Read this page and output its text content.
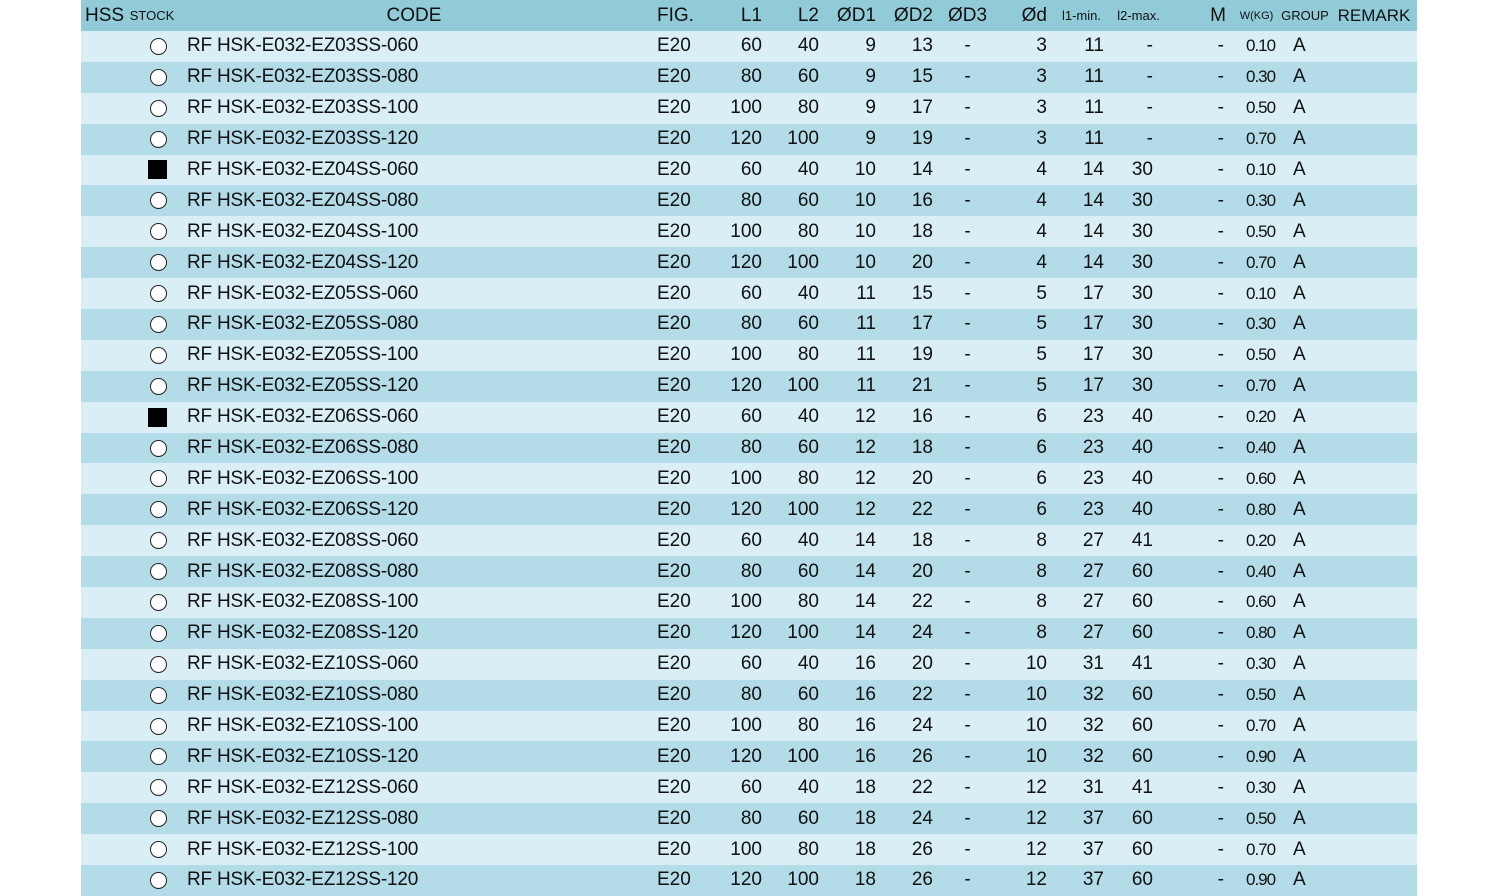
HSS	STOCK	CODE	FIG.	L1	L2	ØD1	ØD2	ØD3	Ød	l1-min.	l2-max.	M	W(KG)	GROUP	REMARK
		RF HSK-E032-EZ03SS-060	E20	60	40	9	13	-	3	11	-	-	0.10	A	
		RF HSK-E032-EZ03SS-080	E20	80	60	9	15	-	3	11	-	-	0.30	A	
		RF HSK-E032-EZ03SS-100	E20	100	80	9	17	-	3	11	-	-	0.50	A	
		RF HSK-E032-EZ03SS-120	E20	120	100	9	19	-	3	11	-	-	0.70	A	
		RF HSK-E032-EZ04SS-060	E20	60	40	10	14	-	4	14	30	-	0.10	A	
		RF HSK-E032-EZ04SS-080	E20	80	60	10	16	-	4	14	30	-	0.30	A	
		RF HSK-E032-EZ04SS-100	E20	100	80	10	18	-	4	14	30	-	0.50	A	
		RF HSK-E032-EZ04SS-120	E20	120	100	10	20	-	4	14	30	-	0.70	A	
		RF HSK-E032-EZ05SS-060	E20	60	40	11	15	-	5	17	30	-	0.10	A	
		RF HSK-E032-EZ05SS-080	E20	80	60	11	17	-	5	17	30	-	0.30	A	
		RF HSK-E032-EZ05SS-100	E20	100	80	11	19	-	5	17	30	-	0.50	A	
		RF HSK-E032-EZ05SS-120	E20	120	100	11	21	-	5	17	30	-	0.70	A	
		RF HSK-E032-EZ06SS-060	E20	60	40	12	16	-	6	23	40	-	0.20	A	
		RF HSK-E032-EZ06SS-080	E20	80	60	12	18	-	6	23	40	-	0.40	A	
		RF HSK-E032-EZ06SS-100	E20	100	80	12	20	-	6	23	40	-	0.60	A	
		RF HSK-E032-EZ06SS-120	E20	120	100	12	22	-	6	23	40	-	0.80	A	
		RF HSK-E032-EZ08SS-060	E20	60	40	14	18	-	8	27	41	-	0.20	A	
		RF HSK-E032-EZ08SS-080	E20	80	60	14	20	-	8	27	60	-	0.40	A	
		RF HSK-E032-EZ08SS-100	E20	100	80	14	22	-	8	27	60	-	0.60	A	
		RF HSK-E032-EZ08SS-120	E20	120	100	14	24	-	8	27	60	-	0.80	A	
		RF HSK-E032-EZ10SS-060	E20	60	40	16	20	-	10	31	41	-	0.30	A	
		RF HSK-E032-EZ10SS-080	E20	80	60	16	22	-	10	32	60	-	0.50	A	
		RF HSK-E032-EZ10SS-100	E20	100	80	16	24	-	10	32	60	-	0.70	A	
		RF HSK-E032-EZ10SS-120	E20	120	100	16	26	-	10	32	60	-	0.90	A	
		RF HSK-E032-EZ12SS-060	E20	60	40	18	22	-	12	31	41	-	0.30	A	
		RF HSK-E032-EZ12SS-080	E20	80	60	18	24	-	12	37	60	-	0.50	A	
		RF HSK-E032-EZ12SS-100	E20	100	80	18	26	-	12	37	60	-	0.70	A	
		RF HSK-E032-EZ12SS-120	E20	120	100	18	26	-	12	37	60	-	0.90	A	
